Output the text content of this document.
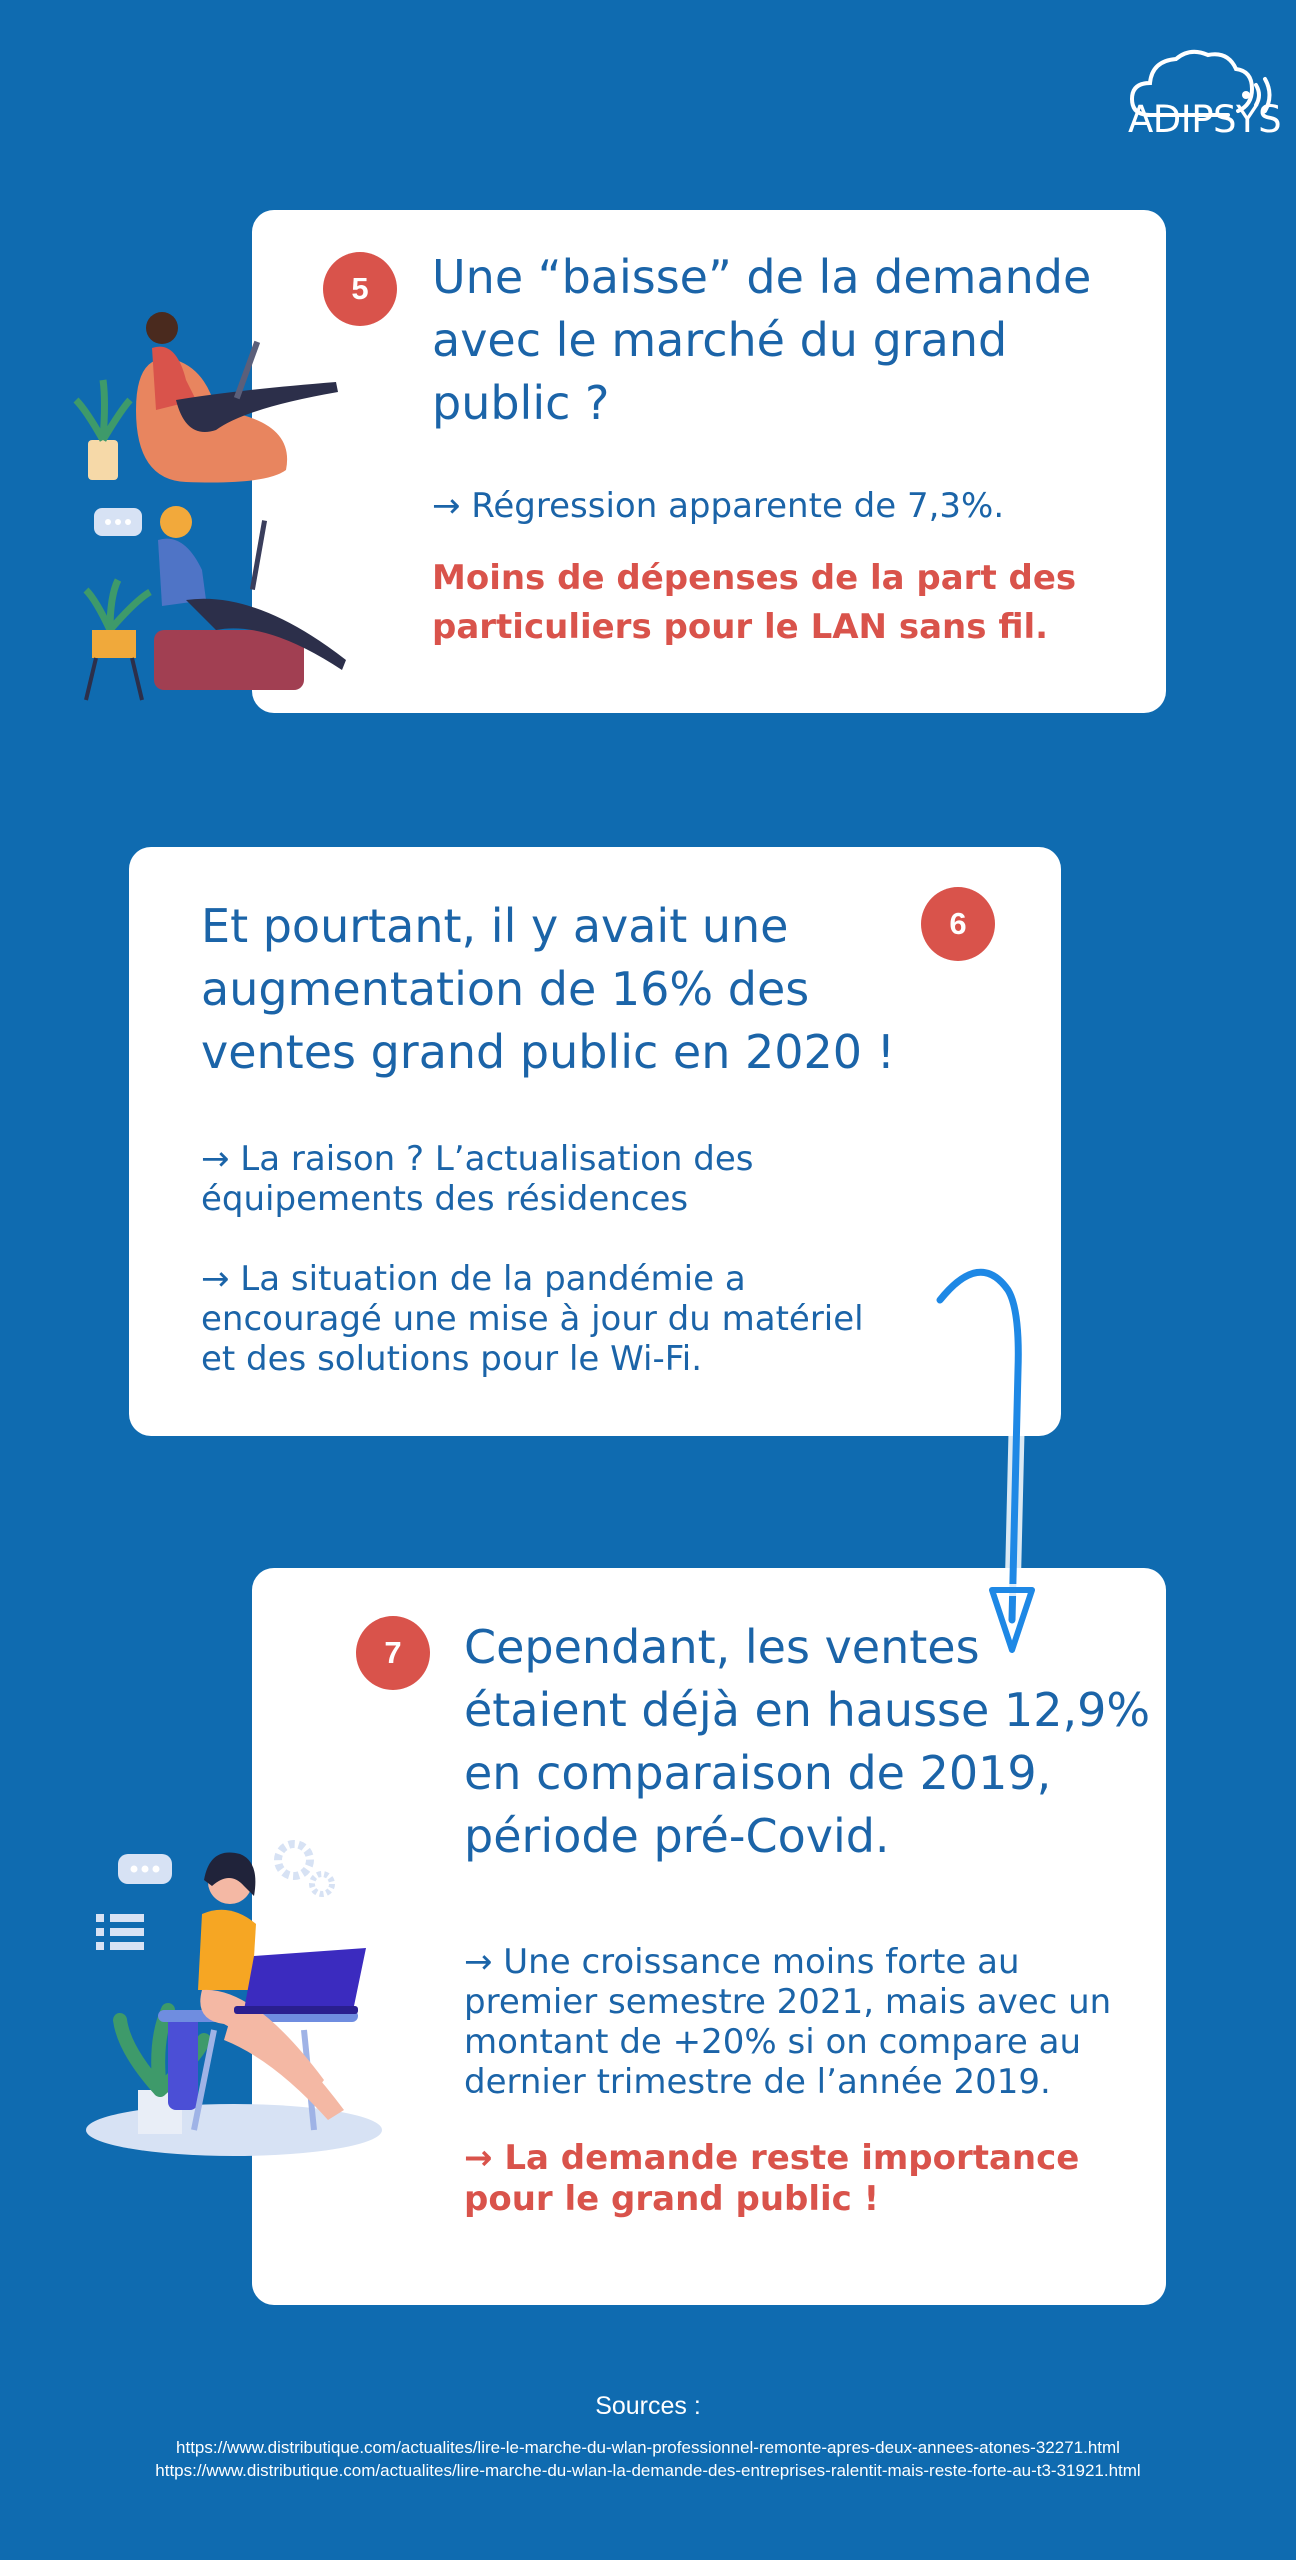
ADIPSYS
5	Une “baisse” de la demande
avec le marché du grand
public ?
→ Régression apparente de 7,3%.
Moins de dépenses de la part des
particuliers pour le LAN sans fil.
6
Et pourtant, il y avait une
augmentation de 16% des
ventes grand public en 2020 !
→ La raison ? L’actualisation des
équipements des résidences
→ La situation de la pandémie a
encouragé une mise à jour du matériel
et des solutions pour le Wi-Fi.
7	Cependant, les ventes
étaient déjà en hausse 12,9%
en comparaison de 2019,
période pré-Covid.
→ Une croissance moins forte au
premier semestre 2021, mais avec un
montant de +20% si on compare au
dernier trimestre de l’année 2019.
→ La demande reste importance
pour le grand public !
Sources :
https://www.distributique.com/actualites/lire-le-marche-du-wlan-professionnel-remonte-apres-deux-annees-atones-32271.html
https://www.distributique.com/actualites/lire-marche-du-wlan-la-demande-des-entreprises-ralentit-mais-reste-forte-au-t3-31921.html
